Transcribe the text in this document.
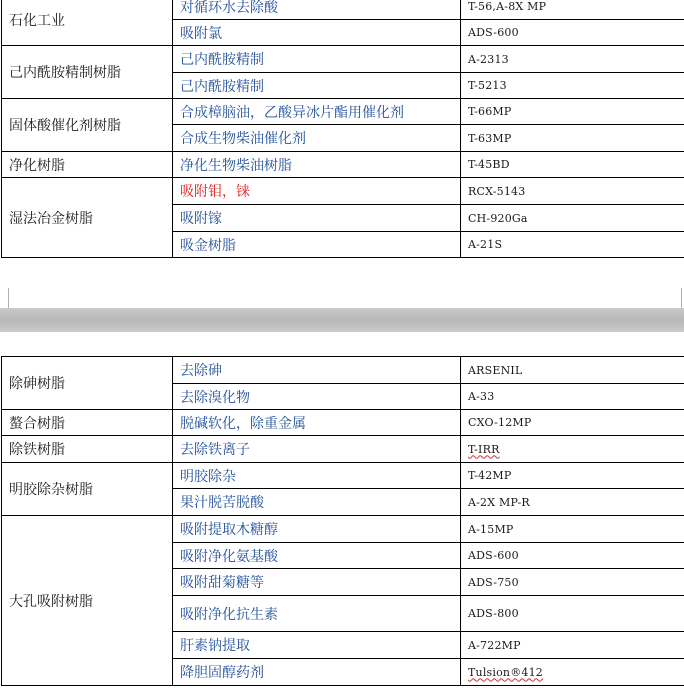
石化工业	对循环水去除酸	T-56,A-8X MP
	吸附氯	ADS-600
己内酰胺精制树脂	己内酰胺精制	A-2313
	己内酰胺精制	T-5213
固体酸催化剂树脂	合成樟脑油，乙酸异冰片酯用催化剂	T-66MP
	合成生物柴油催化剂	T-63MP
净化树脂	净化生物柴油树脂	T-45BD
湿法冶金树脂	吸附钼，铼	RCX-5143
	吸附镓	CH-920Ga
	吸金树脂	A-21S
除砷树脂	去除砷	ARSENIL
	去除溴化物	A-33
螯合树脂	脱碱软化，除重金属	CXO-12MP
除铁树脂	去除铁离子	T-IRR
明胶除杂树脂	明胶除杂	T-42MP
	果汁脱苦脱酸	A-2X MP-R
大孔吸附树脂	吸附提取木糖醇	A-15MP
	吸附净化氨基酸	ADS-600
	吸附甜菊糖等	ADS-750
	吸附净化抗生素	ADS-800
	肝素钠提取	A-722MP
	降胆固醇药剂	Tulsion®412
